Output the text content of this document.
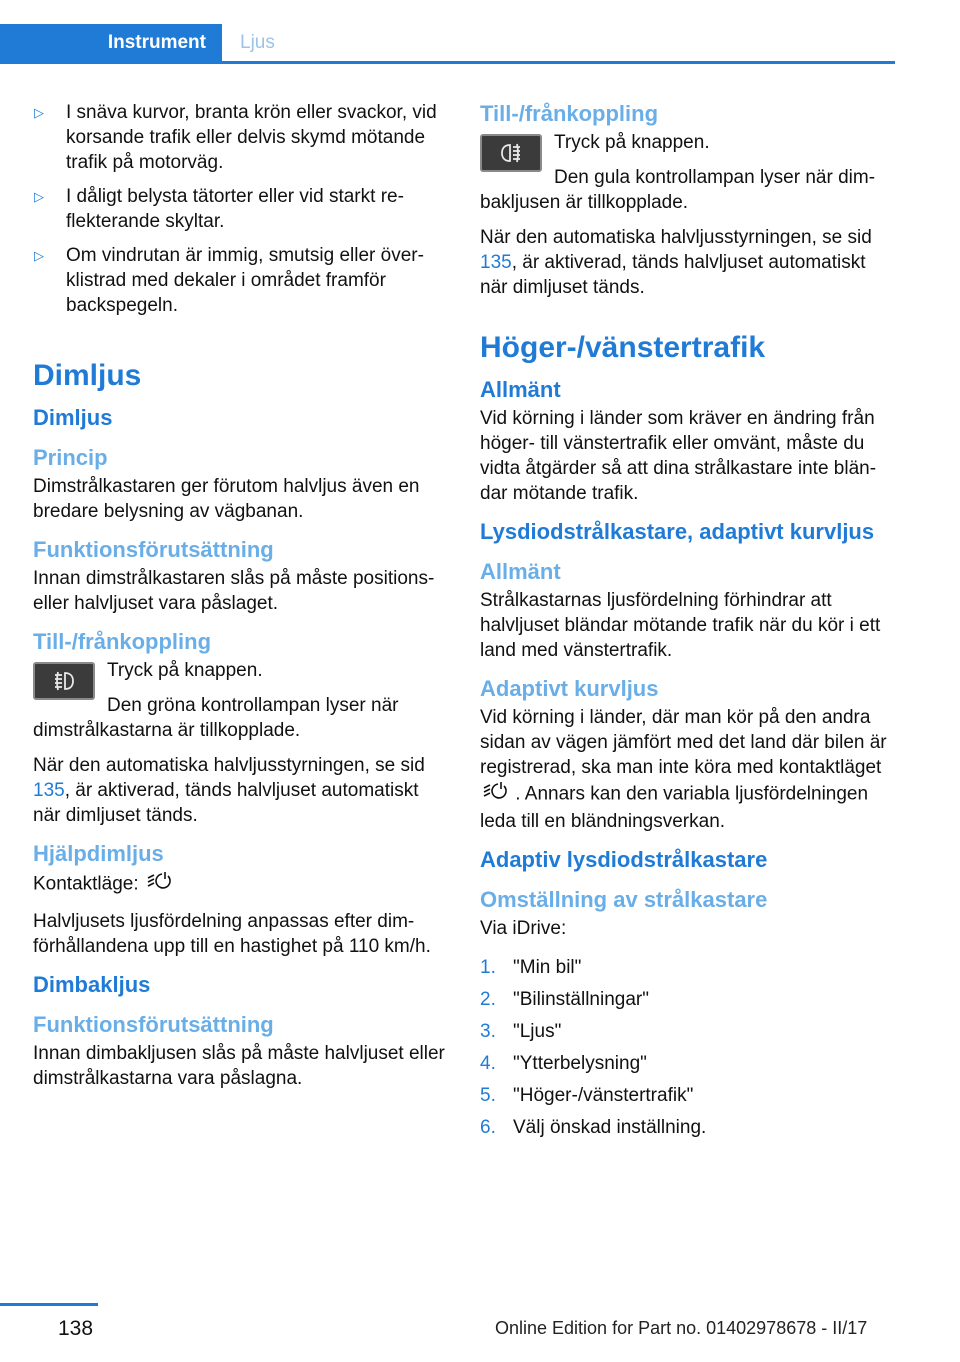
Instrument	Ljus
▷ I snäva kurvor, branta krön eller svackor, vid korsande trafik eller delvis skymd mötande trafik på motorväg.
▷ I dåligt belysta tätorter eller vid starkt reflekterande skyltar.
▷ Om vindrutan är immig, smutsig eller överklistrad med dekaler i området framför backspegeln.
Dimljus
Dimljus
Princip

Dimstrålkastaren ger förutom halvljus även en bredare belysning av vägbanan.

Funktionsförutsättning

Innan dimstrålkastaren slås på måste positions- eller halvljuset vara påslaget.

Till-/frånkoppling

Tryck på knappen.

Den gröna kontrollampan lyser när dimstrålkastarna är tillkopplade.

När den automatiska halvljusstyrningen, se sid 135, är aktiverad, tänds halvljuset automatiskt när dimljuset tänds.

Hjälpdimljus

Kontaktläge:

Halvljusets ljusfördelning anpassas efter dimförhållandena upp till en hastighet på 110 km/h.

Dimbakljus
Funktionsförutsättning

Innan dimbakljusen slås på måste halvljuset eller dimstrålkastarna vara påslagna.

Till-/frånkoppling

Tryck på knappen.

Den gula kontrollampan lyser när dimbakljusen är tillkopplade.

När den automatiska halvljusstyrningen, se sid 135, är aktiverad, tänds halvljuset automatiskt när dimljuset tänds.

Höger-/vänstertrafik
Allmänt

Vid körning i länder som kräver en ändring från höger- till vänstertrafik eller omvänt, måste du vidta åtgärder så att dina strålkastare inte bländar mötande trafik.

Lysdiodstrålkastare, adaptivt kurvljus
Allmänt

Strålkastarnas ljusfördelning förhindrar att halvljuset bländar mötande trafik när du kör i ett land med vänstertrafik.

Adaptivt kurvljus

Vid körning i länder, där man kör på den andra sidan av vägen jämfört med det land där bilen är registrerad, ska man inte köra med kontaktläget  . Annars kan den variabla ljusfördelningen leda till en bländningsverkan.

Adaptiv lysdiodstrålkastare
Omställning av strålkastare

Via iDrive:

1. "Min bil"
2. "Bilinställningar"
3. "Ljus"
4. "Ytterbelysning"
5. "Höger-/vänstertrafik"
6. Välj önskad inställning.
138	Online Edition for Part no. 01402978678 - II/17
